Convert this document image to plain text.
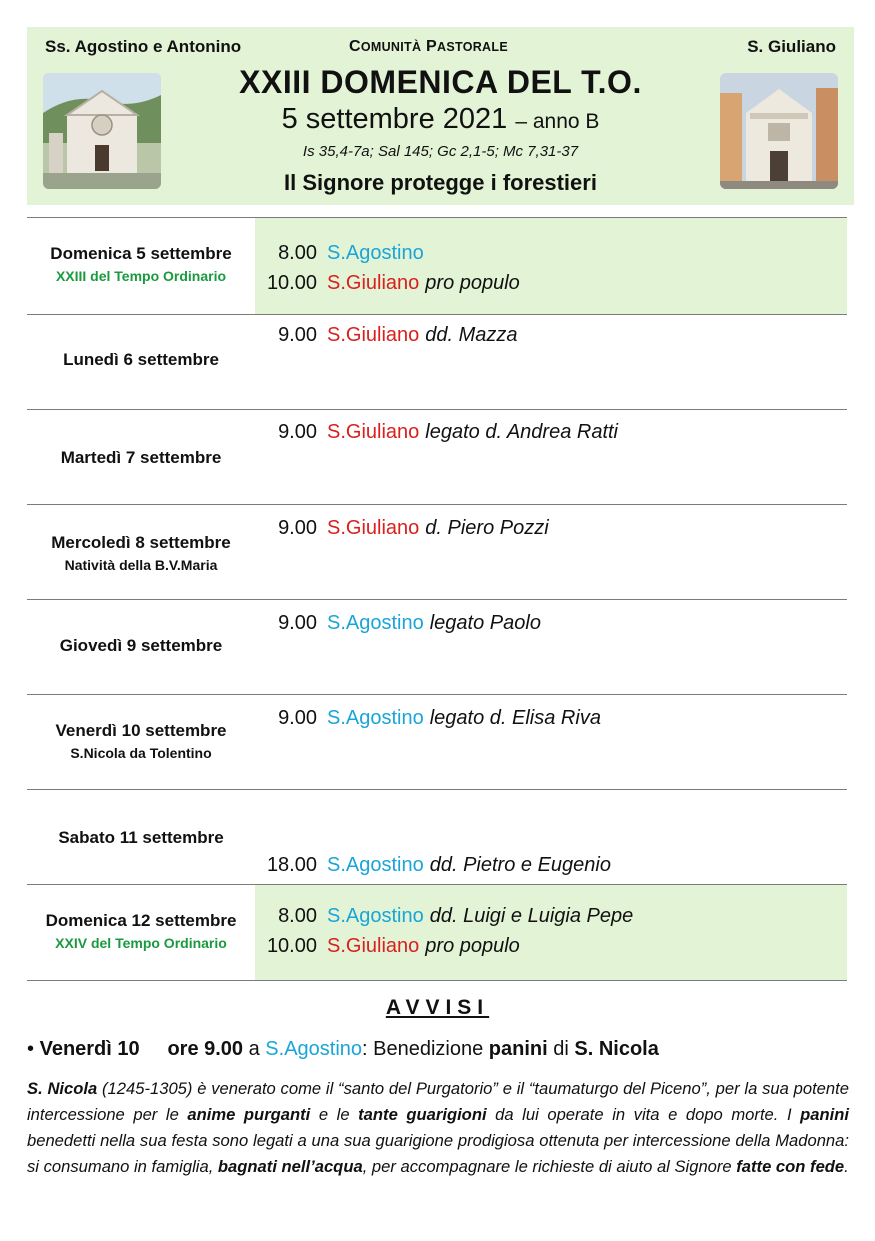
Ss. Agostino e Antonino	COMUNITÀ PASTORALE	S. Giuliano
XXIII DOMENICA DEL T.O.
5 settembre 2021 – anno B
Is 35,4-7a; Sal 145; Gc 2,1-5; Mc 7,31-37
Il Signore protegge i forestieri
Domenica 5 settembre
XXIII del Tempo Ordinario
8.00 S.Agostino
10.00 S.Giuliano pro populo
Lunedì 6 settembre
9.00 S.Giuliano dd. Mazza
Martedì 7 settembre
9.00 S.Giuliano legato d. Andrea Ratti
Mercoledì 8 settembre
Natività della B.V.Maria
9.00 S.Giuliano d. Piero Pozzi
Giovedì 9 settembre
9.00 S.Agostino legato Paolo
Venerdì 10 settembre
S.Nicola da Tolentino
9.00 S.Agostino legato d. Elisa Riva
Sabato 11 settembre
18.00 S.Agostino dd. Pietro e Eugenio
Domenica 12 settembre
XXIV del Tempo Ordinario
8.00 S.Agostino dd. Luigi e Luigia Pepe
10.00 S.Giuliano pro populo
AVVISI
• Venerdì 10 ore 9.00 a S.Agostino: Benedizione panini di S. Nicola
S. Nicola (1245-1305) è venerato come il “santo del Purgatorio” e il “taumaturgo del Piceno”, per la sua potente intercessione per le anime purganti e le tante guarigioni da lui operate in vita e dopo morte. I panini benedetti nella sua festa sono legati a una sua guarigione prodigiosa ottenuta per intercessione della Madonna: si consumano in famiglia, bagnati nell’acqua, per accompagnare le richieste di aiuto al Signore fatte con fede.
